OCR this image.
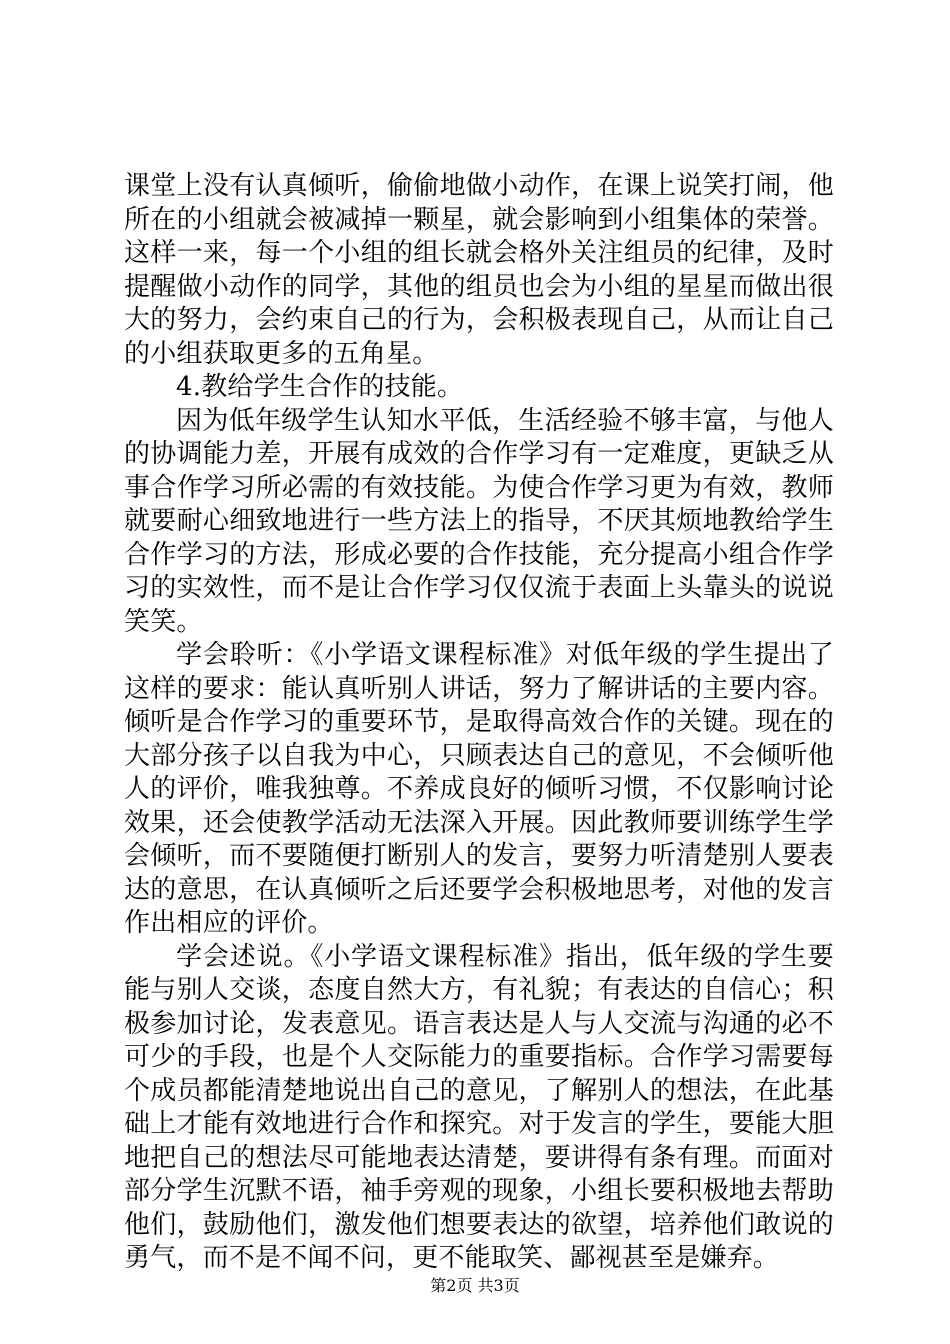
课堂上没有认真倾听，偷偷地做小动作，在课上说笑打闹，他所在的小组就会被减掉一颗星，就会影响到小组集体的荣誉。这样一来，每一个小组的组长就会格外关注组员的纪律，及时提醒做小动作的同学，其他的组员也会为小组的星星而做出很大的努力，会约束自己的行为，会积极表现自己，从而让自己的小组获取更多的五角星。

4.教给学生合作的技能。

因为低年级学生认知水平低，生活经验不够丰富，与他人的协调能力差，开展有成效的合作学习有一定难度，更缺乏从事合作学习所必需的有效技能。为使合作学习更为有效，教师就要耐心细致地进行一些方法上的指导，不厌其烦地教给学生合作学习的方法，形成必要的合作技能，充分提高小组合作学习的实效性，而不是让合作学习仅仅流于表面上头靠头的说说笑笑。

学会聆听：《小学语文课程标准》对低年级的学生提出了这样的要求：能认真听别人讲话，努力了解讲话的主要内容。倾听是合作学习的重要环节，是取得高效合作的关键。现在的大部分孩子以自我为中心，只顾表达自己的意见，不会倾听他人的评价，唯我独尊。不养成良好的倾听习惯，不仅影响讨论效果，还会使教学活动无法深入开展。因此教师要训练学生学会倾听，而不要随便打断别人的发言，要努力听清楚别人要表达的意思，在认真倾听之后还要学会积极地思考，对他的发言作出相应的评价。

学会述说。《小学语文课程标准》指出，低年级的学生要能与别人交谈，态度自然大方，有礼貌；有表达的自信心；积极参加讨论，发表意见。语言表达是人与人交流与沟通的必不可少的手段，也是个人交际能力的重要指标。合作学习需要每个成员都能清楚地说出自己的意见，了解别人的想法，在此基础上才能有效地进行合作和探究。对于发言的学生，要能大胆地把自己的想法尽可能地表达清楚，要讲得有条有理。而面对部分学生沉默不语，袖手旁观的现象，小组长要积极地去帮助他们，鼓励他们，激发他们想要表达的欲望，培养他们敢说的勇气，而不是不闻不问，更不能取笑、鄙视甚至是嫌弃。

第2页 共3页
